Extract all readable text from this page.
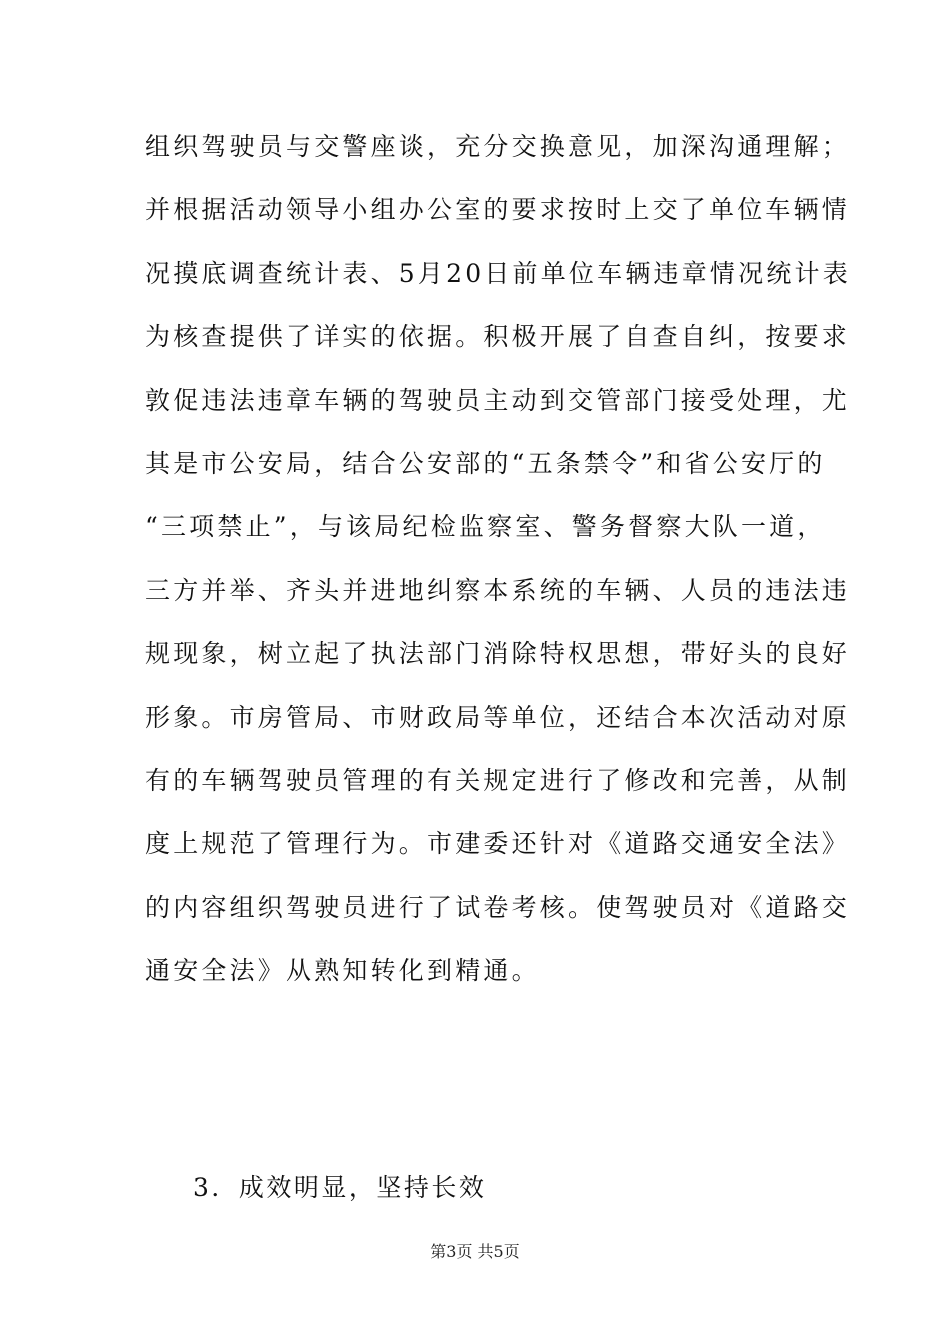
组织驾驶员与交警座谈，充分交换意见，加深沟通理解；
并根据活动领导小组办公室的要求按时上交了单位车辆情
况摸底调查统计表、5月20日前单位车辆违章情况统计表
为核查提供了详实的依据。积极开展了自查自纠，按要求
敦促违法违章车辆的驾驶员主动到交管部门接受处理，尤
其是市公安局，结合公安部的“五条禁令”和省公安厅的
“三项禁止”，与该局纪检监察室、警务督察大队一道，
三方并举、齐头并进地纠察本系统的车辆、人员的违法违
规现象，树立起了执法部门消除特权思想，带好头的良好
形象。市房管局、市财政局等单位，还结合本次活动对原
有的车辆驾驶员管理的有关规定进行了修改和完善，从制
度上规范了管理行为。市建委还针对《道路交通安全法》
的内容组织驾驶员进行了试卷考核。使驾驶员对《道路交
通安全法》从熟知转化到精通。
3．成效明显，坚持长效
第3页 共5页
